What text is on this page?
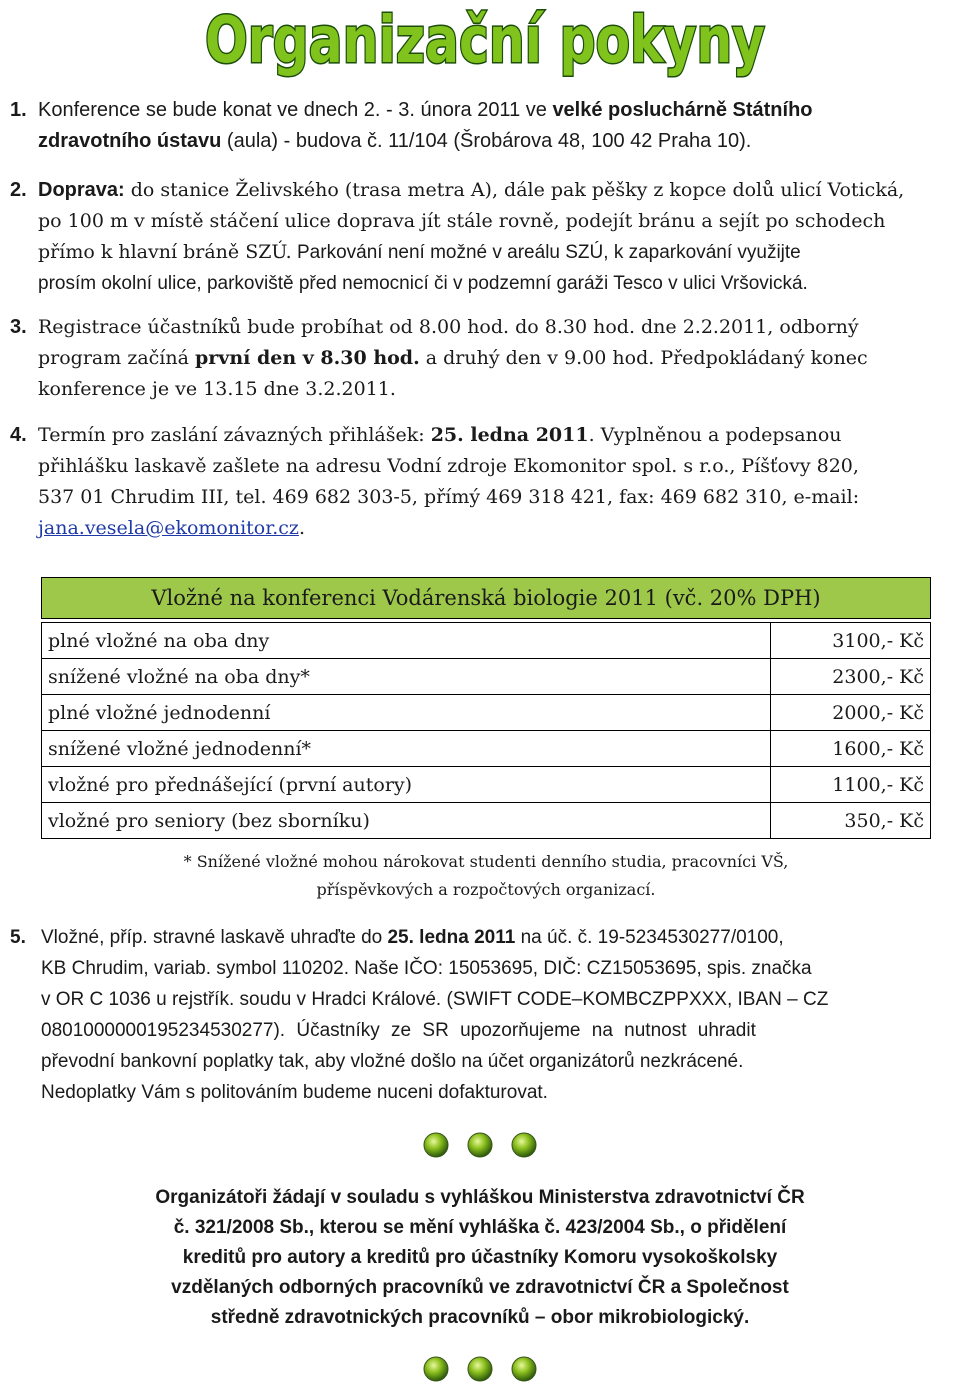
Organizační pokyny
1. Konference se bude konat ve dnech 2. - 3. února 2011 ve velké posluchárně Státního
zdravotního ústavu (aula) - budova č. 11/104 (Šrobárova 48, 100 42 Praha 10).
2. Doprava: do stanice Želivského (trasa metra A), dále pak pěšky z kopce dolů ulicí Votická,
po 100 m v místě stáčení ulice doprava jít stále rovně, podejít bránu a sejít po schodech
přímo k hlavní bráně SZÚ. Parkování není možné v areálu SZÚ, k zaparkování využijte
prosím okolní ulice, parkoviště před nemocnicí či v podzemní garáži Tesco v ulici Vršovická.
3. Registrace účastníků bude probíhat od 8.00 hod. do 8.30 hod. dne 2.2.2011, odborný
program začíná první den v 8.30 hod. a druhý den v 9.00 hod. Předpokládaný konec
konference je ve 13.15 dne 3.2.2011.
4. Termín pro zaslání závazných přihlášek: 25. ledna 2011. Vyplněnou a podepsanou
přihlášku laskavě zašlete na adresu Vodní zdroje Ekomonitor spol. s r.o., Píšťovy 820,
537 01 Chrudim III, tel. 469 682 303-5, přímý 469 318 421, fax: 469 682 310, e-mail:
jana.vesela@ekomonitor.cz.
Vložné na konferenci Vodárenská biologie 2011 (vč. 20% DPH)
plné vložné na oba dny	3100,- Kč
snížené vložné na oba dny*	2300,- Kč
plné vložné jednodenní	2000,- Kč
snížené vložné jednodenní*	1600,- Kč
vložné pro přednášející (první autory)	1100,- Kč
vložné pro seniory (bez sborníku)	350,- Kč
* Snížené vložné mohou nárokovat studenti denního studia, pracovníci VŠ,
příspěvkových a rozpočtových organizací.
5. Vložné, příp. stravné laskavě uhraďte do 25. ledna 2011 na úč. č. 19-5234530277/0100,
KB Chrudim, variab. symbol 110202. Naše IČO: 15053695, DIČ: CZ15053695, spis. značka
v OR C 1036 u rejstřík. soudu v Hradci Králové. (SWIFT CODE–KOMBCZPPXXX, IBAN – CZ
0801000000195234530277). Účastníky ze SR upozorňujeme na nutnost uhradit
převodní bankovní poplatky tak, aby vložné došlo na účet organizátorů nezkrácené.
Nedoplatky Vám s politováním budeme nuceni dofakturovat.
Organizátoři žádají v souladu s vyhláškou Ministerstva zdravotnictví ČR
č. 321/2008 Sb., kterou se mění vyhláška č. 423/2004 Sb., o přidělení
kreditů pro autory a kreditů pro účastníky Komoru vysokoškolsky
vzdělaných odborných pracovníků ve zdravotnictví ČR a Společnost
středně zdravotnických pracovníků – obor mikrobiologický.
